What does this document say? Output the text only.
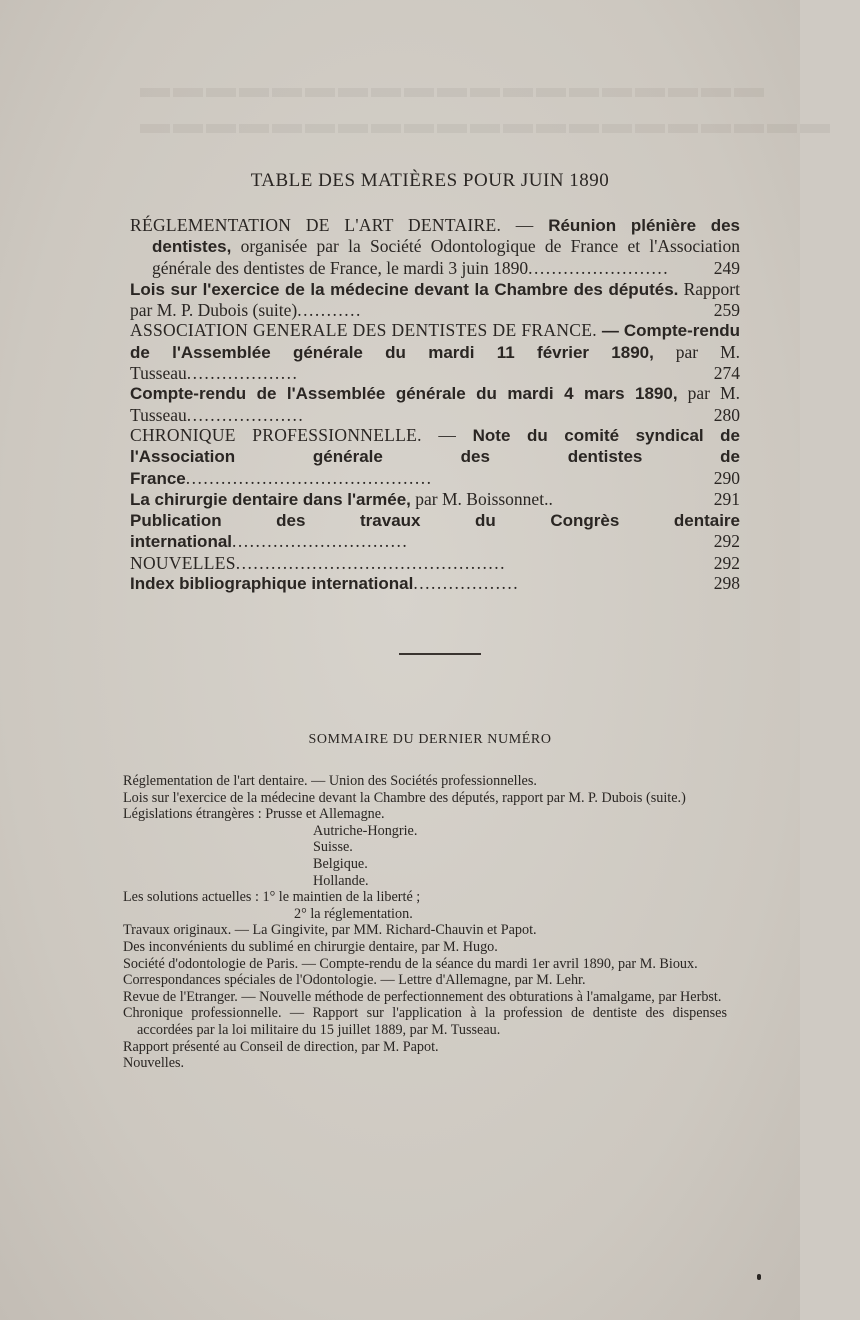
▬▬▬▬▬▬▬▬▬▬▬▬▬▬▬▬▬▬▬
▬▬▬▬▬▬▬▬▬▬▬▬▬▬▬▬▬▬▬▬▬
TABLE DES MATIÈRES POUR JUIN 1890
RÉGLEMENTATION DE L'ART DENTAIRE. — Réunion plénière des dentistes, organisée par la Société Odontologique de France et l'Association générale des dentistes de France, le mardi 3 juin 1890........................	249
Lois sur l'exercice de la médecine devant la Chambre des députés. Rapport par M. P. Dubois (suite)...........	259
ASSOCIATION GENERALE DES DENTISTES DE FRANCE. — Compte-rendu de l'Assemblée générale du mardi 11 février 1890, par M. Tusseau...................	274
Compte-rendu de l'Assemblée générale du mardi 4 mars 1890, par M. Tusseau....................	280
CHRONIQUE PROFESSIONNELLE. — Note du comité syndical de l'Association générale des dentistes de France..........................................	290
La chirurgie dentaire dans l'armée, par M. Boissonnet..	291
Publication des travaux du Congrès dentaire international..............................	292
NOUVELLES..............................................	292
Index bibliographique international..................	298
SOMMAIRE DU DERNIER NUMÉRO
Réglementation de l'art dentaire. — Union des Sociétés professionnelles.
Lois sur l'exercice de la médecine devant la Chambre des députés, rapport par M. P. Dubois (suite.)
Législations étrangères : Prusse et Allemagne.
Autriche-Hongrie.
Suisse.
Belgique.
Hollande.
Les solutions actuelles : 1° le maintien de la liberté ;
2° la réglementation.
Travaux originaux. — La Gingivite, par MM. Richard-Chauvin et Papot.
Des inconvénients du sublimé en chirurgie dentaire, par M. Hugo.
Société d'odontologie de Paris. — Compte-rendu de la séance du mardi 1er avril 1890, par M. Bioux.
Correspondances spéciales de l'Odontologie. — Lettre d'Allemagne, par M. Lehr.
Revue de l'Etranger. — Nouvelle méthode de perfectionnement des obturations à l'amalgame, par Herbst.
Chronique professionnelle. — Rapport sur l'application à la profession de dentiste des dispenses accordées par la loi militaire du 15 juillet 1889, par M. Tusseau.
Rapport présenté au Conseil de direction, par M. Papot.
Nouvelles.
